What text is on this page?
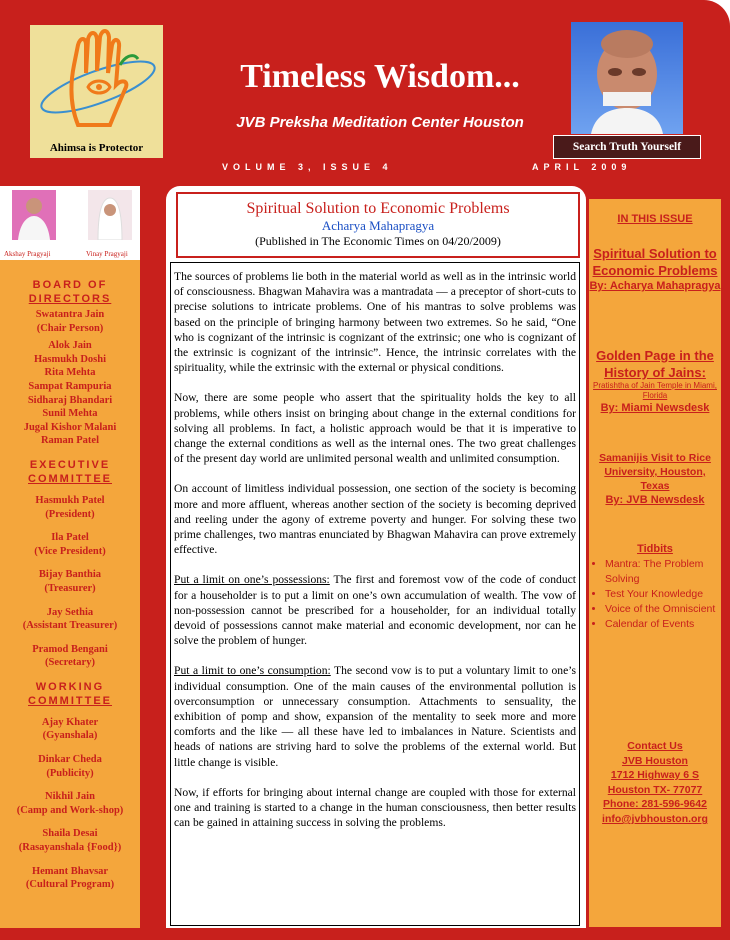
Ahimsa is Protector
Timeless Wisdom...
JVB Preksha Meditation Center Houston
VOLUME 3, ISSUE 4	APRIL 2009
Search Truth Yourself
Akshay Pragyaji	Vinay Pragyaji
BOARD OF
DIRECTORS
Swatantra Jain
(Chair Person)
Alok Jain
Hasmukh Doshi
Rita Mehta
Sampat Rampuria
Sidharaj Bhandari
Sunil Mehta
Jugal Kishor Malani
Raman Patel
EXECUTIVE
COMMITTEE
Hasmukh Patel
(President)
Ila Patel
(Vice President)
Bijay Banthia
(Treasurer)
Jay Sethia
(Assistant Treasurer)
Pramod Bengani
(Secretary)
WORKING
COMMITTEE
Ajay Khater
(Gyanshala)
Dinkar Cheda
(Publicity)
Nikhil Jain
(Camp and Work-shop)
Shaila Desai
(Rasayanshala {Food})
Hemant Bhavsar
(Cultural Program)
Spiritual Solution to Economic Problems
Acharya Mahapragya
(Published in The Economic Times on 04/20/2009)

The sources of problems lie both in the material world as well as in the intrinsic world of consciousness. Bhagwan Mahavira was a mantradata — a preceptor of short-cuts to precise solutions to intricate problems. One of his mantras to solve problems was based on the principle of bringing harmony between two extremes. So he said, “One who is cognizant of the intrinsic is cognizant of the extrinsic; one who is cognizant of the extrinsic is cognizant of the intrinsic”. Hence, the intrinsic correlates with the spirituality, while the extrinsic with the external or physical conditions.

Now, there are some people who assert that the spirituality holds the key to all problems, while others insist on bringing about change in the external conditions for solving all problems. In fact, a holistic approach would be that it is imperative to change the external conditions as well as the internal ones. The two great challenges of the present day world are unlimited personal wealth and unlimited consumption.

On account of limitless individual possession, one section of the society is becoming more and more affluent, whereas another section of the society is becoming deprived and reeling under the agony of extreme poverty and hunger. For solving these two prime challenges, two mantras enunciated by Bhagwan Mahavira can prove extremely effective.

Put a limit on one’s possessions: The first and foremost vow of the code of conduct for a householder is to put a limit on one’s own accumulation of wealth. The vow of non-possession cannot be prescribed for a householder, for an individual totally devoid of possessions cannot make material and economic development, nor can he solve the problem of hunger.

Put a limit to one’s consumption: The second vow is to put a voluntary limit to one’s individual consumption. One of the main causes of the environmental pollution is overconsumption or unnecessary consumption. Attachments to sensuality, the exhibition of pomp and show, expansion of the mentality to seek more and more comforts and the like — all these have led to imbalances in Nature. Scientists and heads of nations are striving hard to solve the problems of the external world. But little change is visible.

Now, if efforts for bringing about internal change are coupled with those for external one and training is started to a change in the human consciousness, then better results can be gained in attaining success in solving the problems.

IN THIS ISSUE
Spiritual Solution to Economic Problems
By: Acharya Mahapragya
Golden Page in the History of Jains:
Pratishtha of Jain Temple in Miami, Florida
By: Miami Newsdesk
Samanijis Visit to Rice University, Houston, Texas
By: JVB Newsdesk
Tidbits
• Mantra: The Problem Solving
• Test Your Knowledge
• Voice of the Omniscient
• Calendar of Events
Contact Us
JVB Houston
1712 Highway 6 S
Houston TX- 77077
Phone: 281-596-9642
info@jvbhouston.org
